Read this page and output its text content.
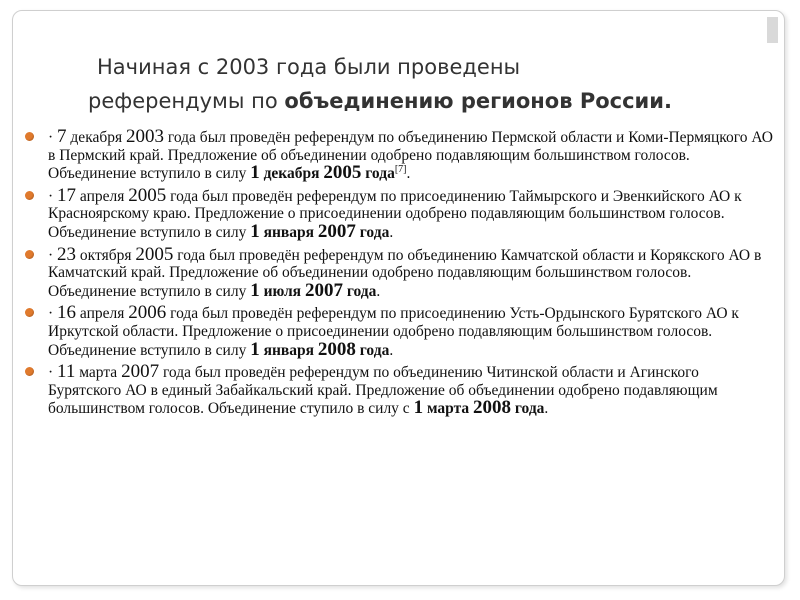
Начиная с 2003 года были проведены
референдумы по объединению регионов России.
· 7 декабря 2003 года был проведён референдум по объединению Пермской области и Коми-Пермяцкого АО в Пермский край. Предложение об объединении одобрено подавляющим большинством голосов. Объединение вступило в силу 1 декабря 2005 года[7].
· 17 апреля 2005 года был проведён референдум по присоединению Таймырского и Эвенкийского АО к Красноярскому краю. Предложение о присоединении одобрено подавляющим большинством голосов. Объединение вступило в силу 1 января 2007 года.
· 23 октября 2005 года был проведён референдум по объединению Камчатской области и Корякского АО в Камчатский край. Предложение об объединении одобрено подавляющим большинством голосов. Объединение вступило в силу 1 июля 2007 года.
· 16 апреля 2006 года был проведён референдум по присоединению Усть-Ордынского Бурятского АО к Иркутской области. Предложение о присоединении одобрено подавляющим большинством голосов. Объединение вступило в силу 1 января 2008 года.
· 11 марта 2007 года был проведён референдум по объединению Читинской области и Агинского Бурятского АО в единый Забайкальский край. Предложение об объединении одобрено подавляющим большинством голосов. Объединение ступило в силу с 1 марта 2008 года.
